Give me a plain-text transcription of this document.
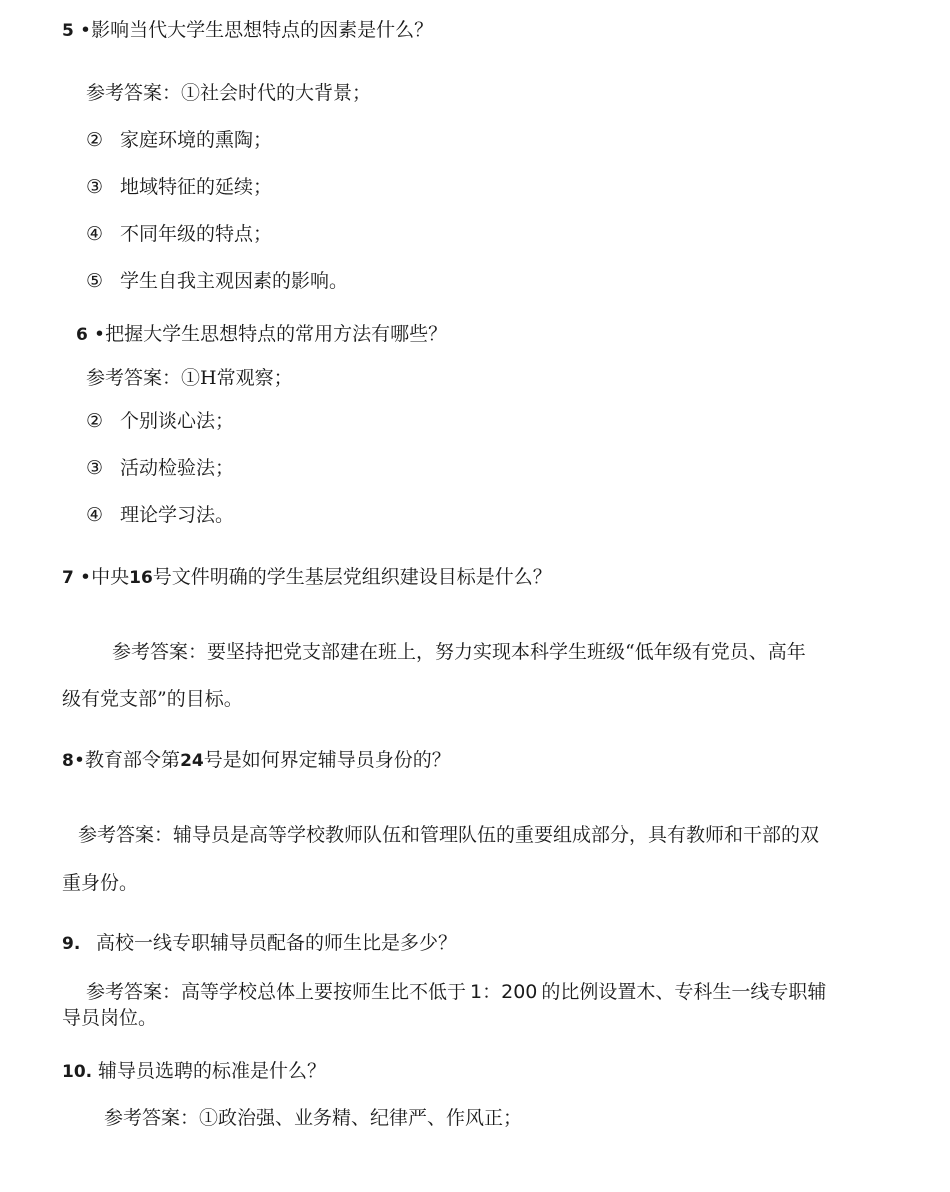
5 •影响当代大学生思想特点的因素是什么？
参考答案：①社会时代的大背景；
② 家庭环境的熏陶；
③ 地域特征的延续；
④ 不同年级的特点；
⑤ 学生自我主观因素的影响。
6 •把握大学生思想特点的常用方法有哪些？
参考答案：①H常观察；
② 个别谈心法；
③ 活动检验法；
④ 理论学习法。
7 •中央16号文件明确的学生基层党组织建设目标是什么？
参考答案：要坚持把党支部建在班上，努力实现本科学生班级“低年级有党员、高年
级有党支部”的目标。
8•教育部令第24号是如何界定辅导员身份的？
参考答案：辅导员是高等学校教师队伍和管理队伍的重要组成部分，具有教师和干部的双
重身份。
9. 高校一线专职辅导员配备的师生比是多少？
参考答案：高等学校总体上要按师生比不低于 1：200 的比例设置木、专科生一线专职辅
导员岗位。
10. 辅导员选聘的标准是什么？
参考答案：①政治强、业务精、纪律严、作风正；
